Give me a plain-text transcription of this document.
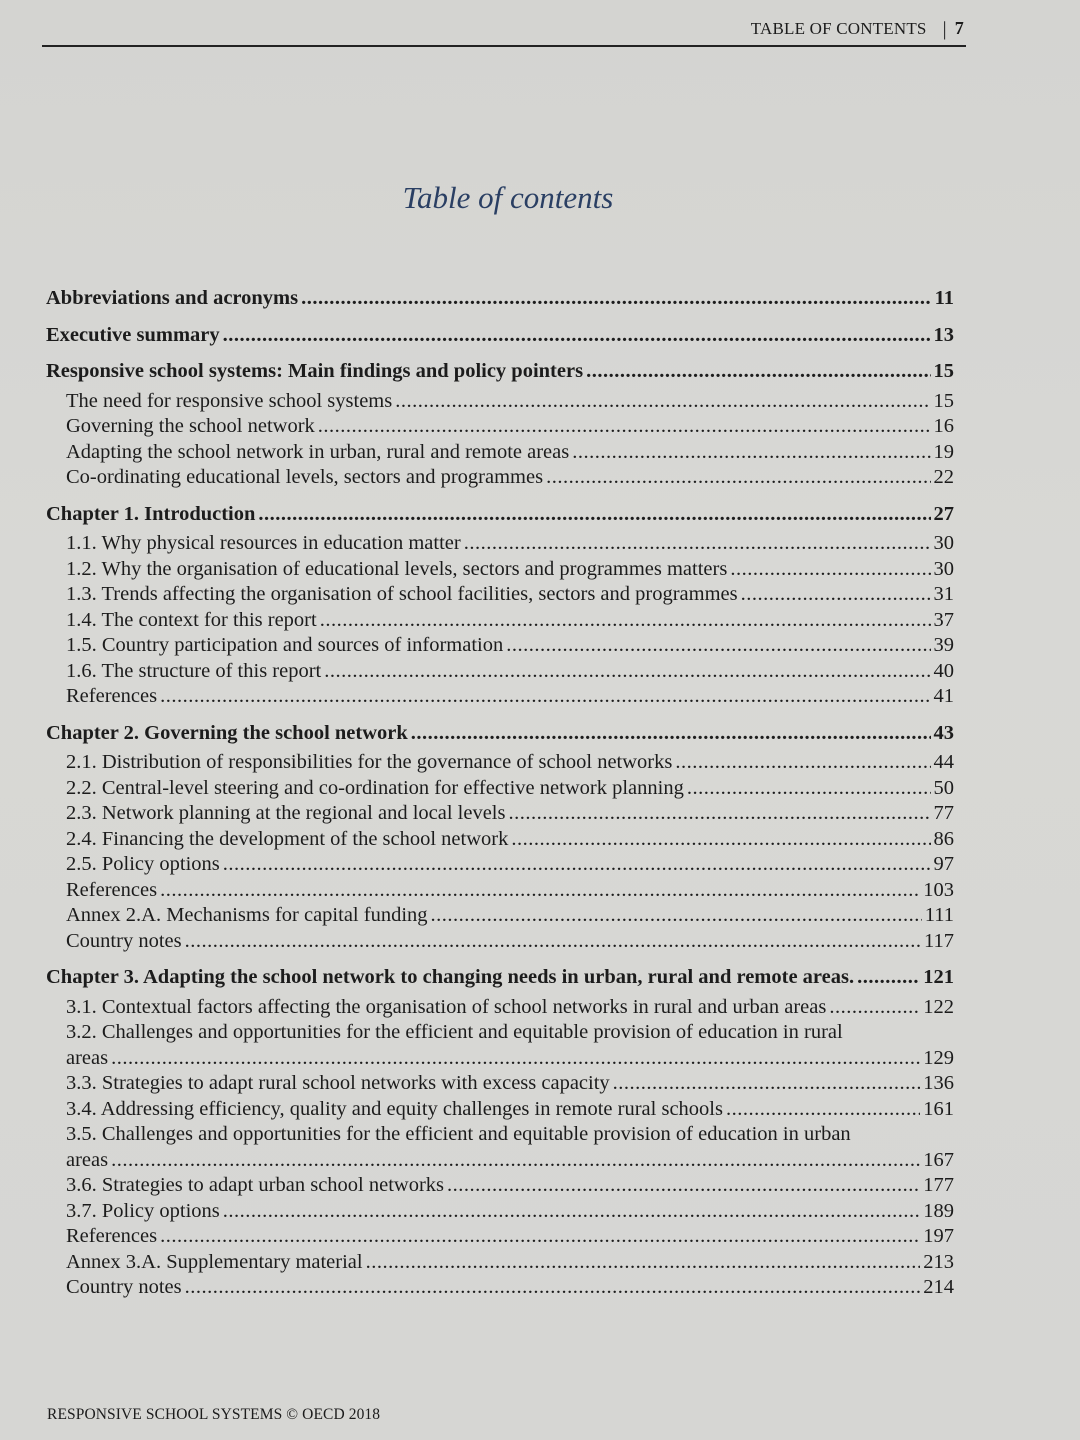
TABLE OF CONTENTS | 7
Table of contents
Abbreviations and acronyms .....	11
Executive summary .....	13
Responsive school systems: Main findings and policy pointers .....	15
The need for responsive school systems .....	15
Governing the school network .....	16
Adapting the school network in urban, rural and remote areas .....	19
Co-ordinating educational levels, sectors and programmes .....	22
Chapter 1. Introduction .....	27
1.1. Why physical resources in education matter .....	30
1.2. Why the organisation of educational levels, sectors and programmes matters .....	30
1.3. Trends affecting the organisation of school facilities, sectors and programmes .....	31
1.4. The context for this report .....	37
1.5. Country participation and sources of information .....	39
1.6. The structure of this report .....	40
References .....	41
Chapter 2. Governing the school network .....	43
2.1. Distribution of responsibilities for the governance of school networks .....	44
2.2. Central-level steering and co-ordination for effective network planning .....	50
2.3. Network planning at the regional and local levels .....	77
2.4. Financing the development of the school network .....	86
2.5. Policy options .....	97
References .....	103
Annex 2.A. Mechanisms for capital funding .....	111
Country notes .....	117
Chapter 3. Adapting the school network to changing needs in urban, rural and remote areas. .....	121
3.1. Contextual factors affecting the organisation of school networks in rural and urban areas .....	122
3.2. Challenges and opportunities for the efficient and equitable provision of education in rural
areas .....	129
3.3. Strategies to adapt rural school networks with excess capacity .....	136
3.4. Addressing efficiency, quality and equity challenges in remote rural schools .....	161
3.5. Challenges and opportunities for the efficient and equitable provision of education in urban
areas .....	167
3.6. Strategies to adapt urban school networks .....	177
3.7. Policy options .....	189
References .....	197
Annex 3.A. Supplementary material .....	213
Country notes .....	214
RESPONSIVE SCHOOL SYSTEMS © OECD 2018
